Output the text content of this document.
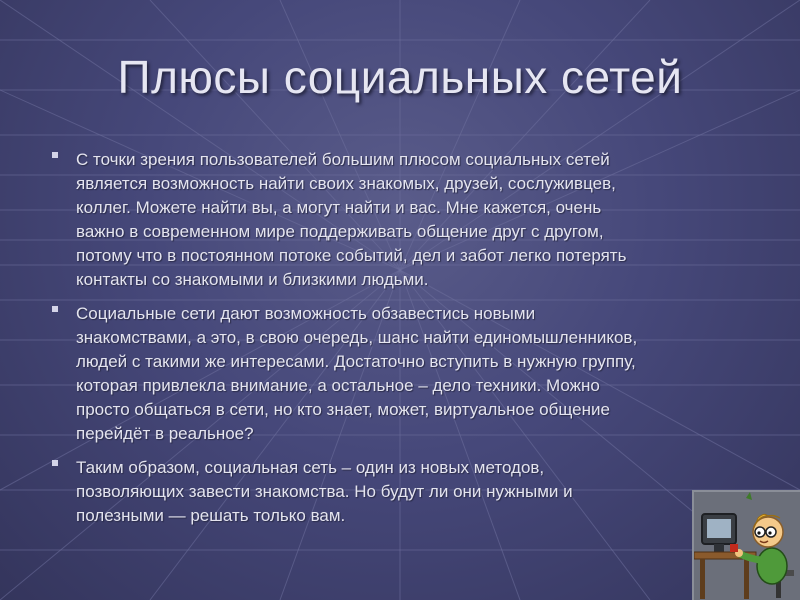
Плюсы социальных сетей
С точки зрения пользователей большим плюсом социальных сетей
является возможность найти своих знакомых, друзей, сослуживцев,
коллег. Можете найти вы, а могут найти и вас. Мне кажется, очень
важно в современном мире поддерживать общение друг с другом,
потому что в постоянном потоке событий, дел и забот легко потерять
контакты со знакомыми и близкими людьми.
Социальные сети дают возможность обзавестись новыми
знакомствами, а это, в свою очередь, шанс найти единомышленников,
людей с такими же интересами. Достаточно вступить в нужную группу,
которая привлекла внимание, а остальное – дело техники. Можно
просто общаться в сети, но кто знает, может, виртуальное общение
перейдёт в реальное?
Таким образом, социальная сеть – один из новых методов,
позволяющих завести знакомства. Но будут ли они нужными и
полезными — решать только вам.
